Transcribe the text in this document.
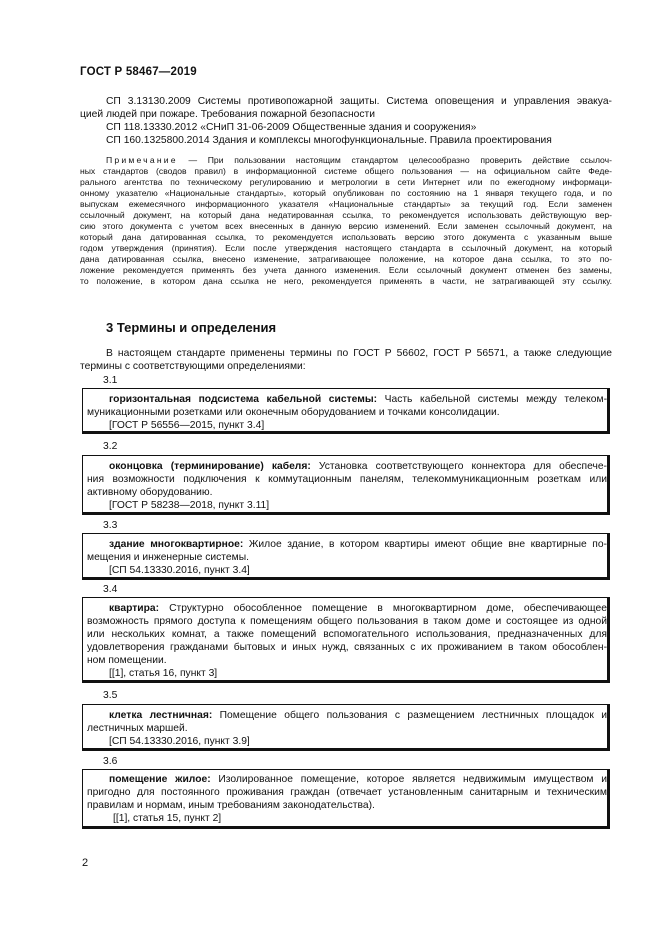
ГОСТ Р 58467—2019
СП 3.13130.2009 Системы противопожарной защиты. Система оповещения и управления эвакуа-
цией людей при пожаре. Требования пожарной безопасности
СП 118.13330.2012 «СНиП 31-06-2009 Общественные здания и сооружения»
СП 160.1325800.2014 Здания и комплексы многофункциональные. Правила проектирования
Примечание — При пользовании настоящим стандартом целесообразно проверить действие ссылоч-
ных стандартов (сводов правил) в информационной системе общего пользования — на официальном сайте Феде-
рального агентства по техническому регулированию и метрологии в сети Интернет или по ежегодному информаци-
онному указателю «Национальные стандарты», который опубликован по состоянию на 1 января текущего года, и по
выпускам ежемесячного информационного указателя «Национальные стандарты» за текущий год. Если заменен
ссылочный документ, на который дана недатированная ссылка, то рекомендуется использовать действующую вер-
сию этого документа с учетом всех внесенных в данную версию изменений. Если заменен ссылочный документ, на
который дана датированная ссылка, то рекомендуется использовать версию этого документа с указанным выше
годом утверждения (принятия). Если после утверждения настоящего стандарта в ссылочный документ, на который
дана датированная ссылка, внесено изменение, затрагивающее положение, на которое дана ссылка, то это по-
ложение рекомендуется применять без учета данного изменения. Если ссылочный документ отменен без замены,
то положение, в котором дана ссылка не него, рекомендуется применять в части, не затрагивающей эту ссылку.
3 Термины и определения
В настоящем стандарте применены термины по ГОСТ Р 56602, ГОСТ Р 56571, а также следующие
термины с соответствующими определениями:
3.1
горизонтальная подсистема кабельной системы: Часть кабельной системы между телеком-
муникационными розетками или оконечным оборудованием и точками консолидации.
[ГОСТ Р 56556—2015, пункт 3.4]
3.2
оконцовка (терминирование) кабеля: Установка соответствующего коннектора для обеспече-
ния возможности подключения к коммутационным панелям, телекоммуникационным розеткам или
активному оборудованию.
[ГОСТ Р 58238—2018, пункт 3.11]
3.3
здание многоквартирное: Жилое здание, в котором квартиры имеют общие вне квартирные по-
мещения и инженерные системы.
[СП 54.13330.2016, пункт 3.4]
3.4
квартира: Структурно обособленное помещение в многоквартирном доме, обеспечивающее
возможность прямого доступа к помещениям общего пользования в таком доме и состоящее из одной
или нескольких комнат, а также помещений вспомогательного использования, предназначенных для
удовлетворения гражданами бытовых и иных нужд, связанных с их проживанием в таком обособлен-
ном помещении.
[[1], статья 16, пункт 3]
3.5
клетка лестничная: Помещение общего пользования с размещением лестничных площадок и
лестничных маршей.
[СП 54.13330.2016, пункт 3.9]
3.6
помещение жилое: Изолированное помещение, которое является недвижимым имуществом и
пригодно для постоянного проживания граждан (отвечает установленным санитарным и техническим
правилам и нормам, иным требованиям законодательства).
[[1], статья 15, пункт 2]
2
